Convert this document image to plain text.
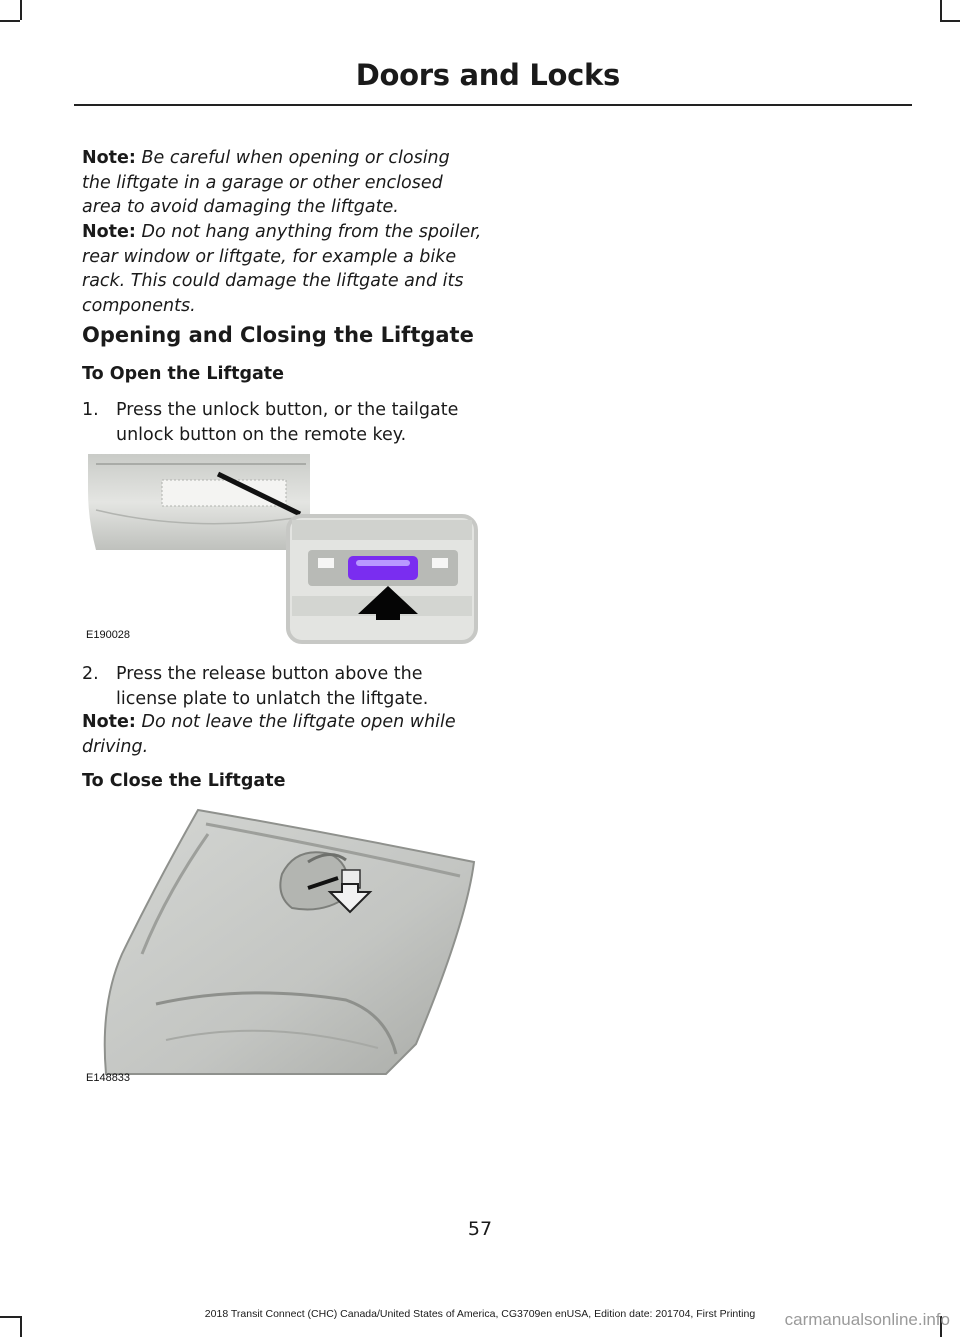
Doors and Locks

Note: Be careful when opening or closing the liftgate in a garage or other enclosed area to avoid damaging the liftgate.

Note: Do not hang anything from the spoiler, rear window or liftgate, for example a bike rack. This could damage the liftgate and its components.

Opening and Closing the Liftgate
To Open the Liftgate
1. Press the unlock button, or the tailgate unlock button on the remote key.
E190028
2. Press the release button above the license plate to unlatch the liftgate.

Note: Do not leave the liftgate open while driving.

To Close the Liftgate
E148833
57
2018 Transit Connect (CHC) Canada/United States of America, CG3709en enUSA, Edition date: 201704, First Printing	carmanualsonline.info
